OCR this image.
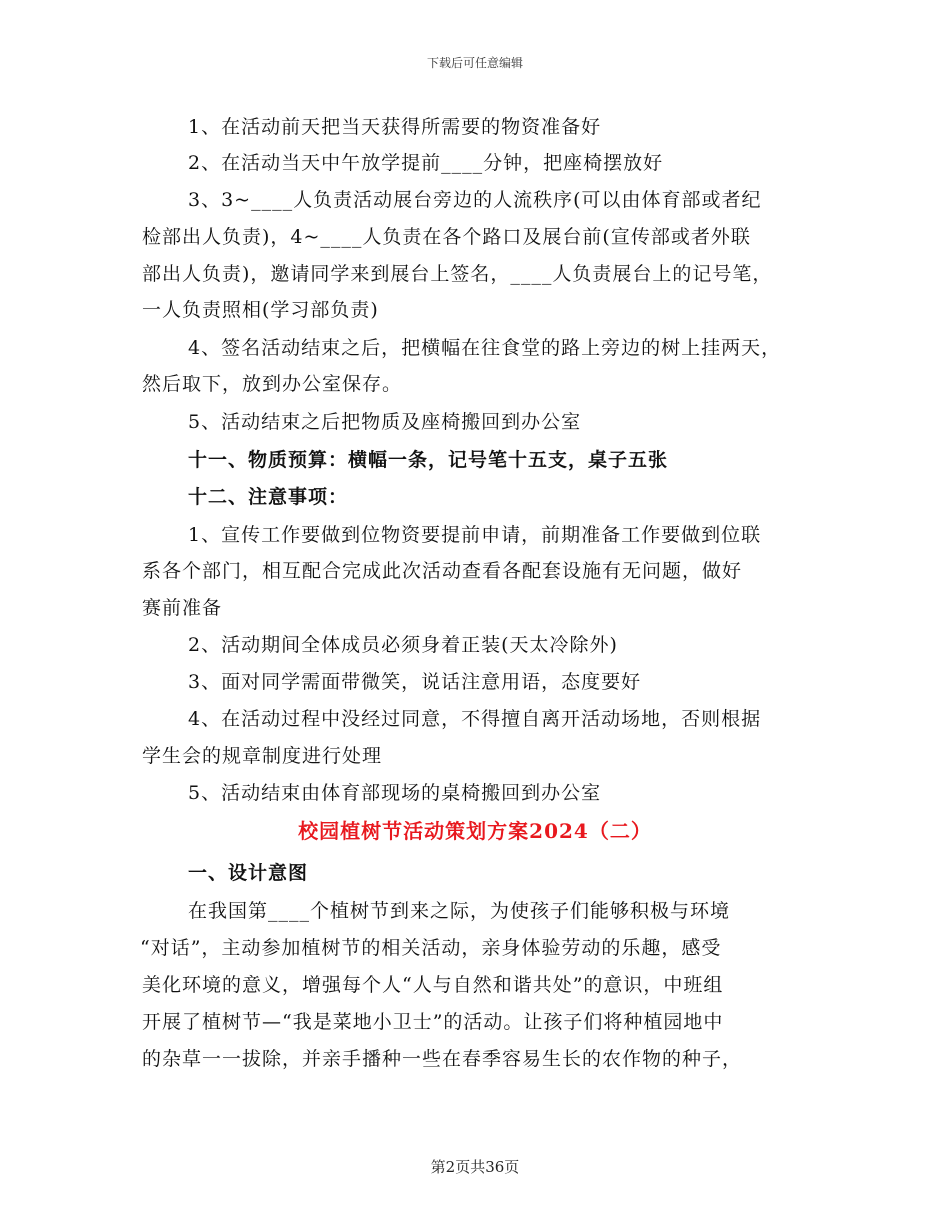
下载后可任意编辑
1、在活动前天把当天获得所需要的物资准备好
2、在活动当天中午放学提前____分钟，把座椅摆放好
3、3~____人负责活动展台旁边的人流秩序(可以由体育部或者纪
检部出人负责)，4~____人负责在各个路口及展台前(宣传部或者外联
部出人负责)，邀请同学来到展台上签名，____人负责展台上的记号笔，
一人负责照相(学习部负责)
4、签名活动结束之后，把横幅在往食堂的路上旁边的树上挂两天，
然后取下，放到办公室保存。
5、活动结束之后把物质及座椅搬回到办公室
十一、物质预算：横幅一条，记号笔十五支，桌子五张
十二、注意事项：
1、宣传工作要做到位物资要提前申请，前期准备工作要做到位联
系各个部门，相互配合完成此次活动查看各配套设施有无问题，做好
赛前准备
2、活动期间全体成员必须身着正装(天太冷除外)
3、面对同学需面带微笑，说话注意用语，态度要好
4、在活动过程中没经过同意，不得擅自离开活动场地，否则根据
学生会的规章制度进行处理
5、活动结束由体育部现场的桌椅搬回到办公室
校园植树节活动策划方案2024（二）
一、设计意图
在我国第____个植树节到来之际，为使孩子们能够积极与环境
“对话”，主动参加植树节的相关活动，亲身体验劳动的乐趣，感受
美化环境的意义，增强每个人“人与自然和谐共处”的意识，中班组
开展了植树节—“我是菜地小卫士”的活动。让孩子们将种植园地中
的杂草一一拔除，并亲手播种一些在春季容易生长的农作物的种子，
第2页共36页
